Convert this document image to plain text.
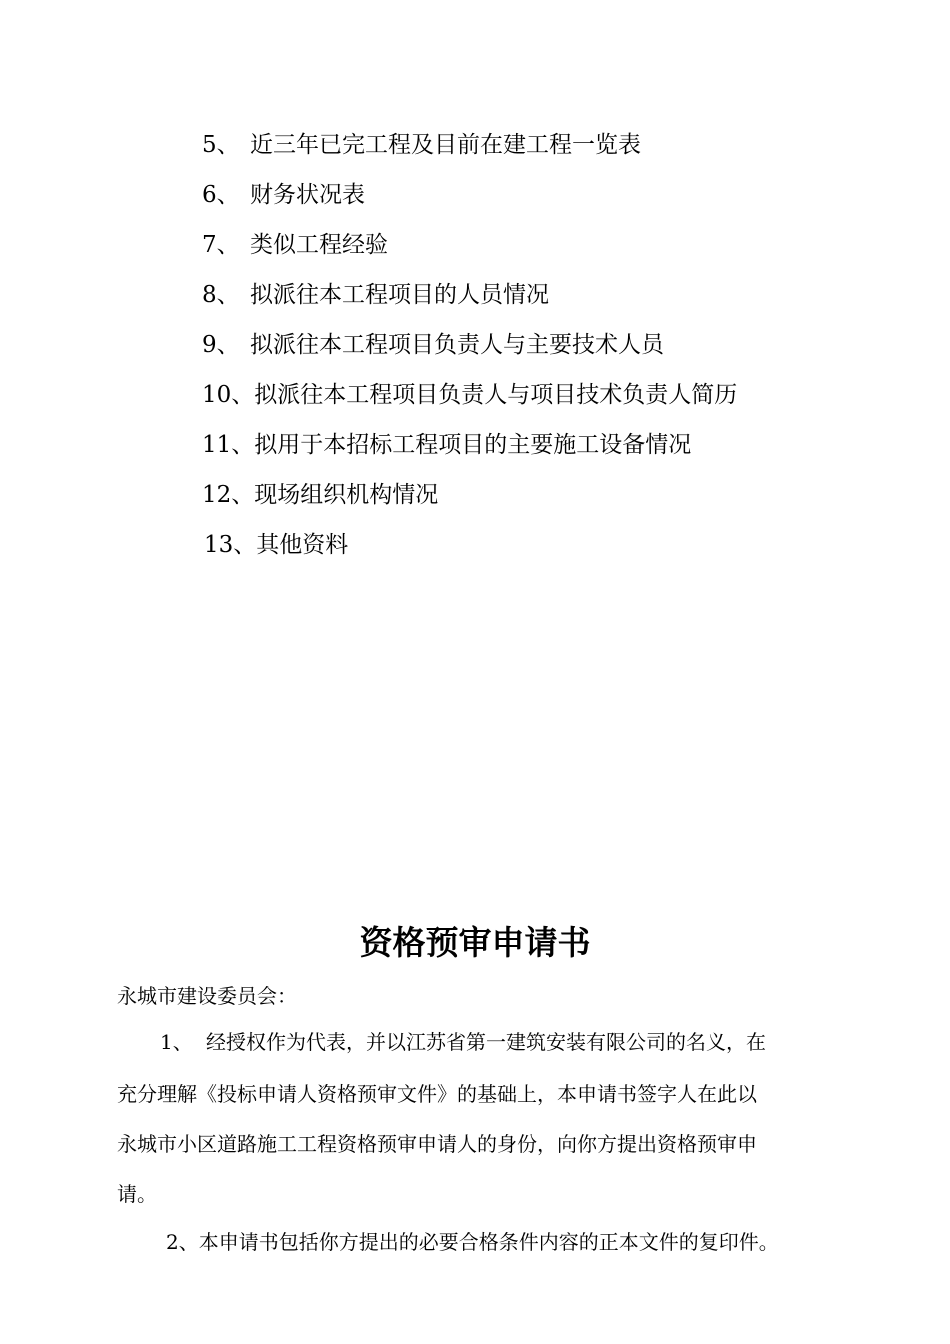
5、 近三年已完工程及目前在建工程一览表
6、 财务状况表
7、 类似工程经验
8、 拟派往本工程项目的人员情况
9、 拟派往本工程项目负责人与主要技术人员
10、拟派往本工程项目负责人与项目技术负责人简历
11、拟用于本招标工程项目的主要施工设备情况
12、现场组织机构情况
13、其他资料
资格预审申请书
永城市建设委员会：
1、 经授权作为代表，并以江苏省第一建筑安装有限公司的名义，在
充分理解《投标申请人资格预审文件》的基础上，本申请书签字人在此以
永城市小区道路施工工程资格预审申请人的身份，向你方提出资格预审申
请。
2、本申请书包括你方提出的必要合格条件内容的正本文件的复印件。
